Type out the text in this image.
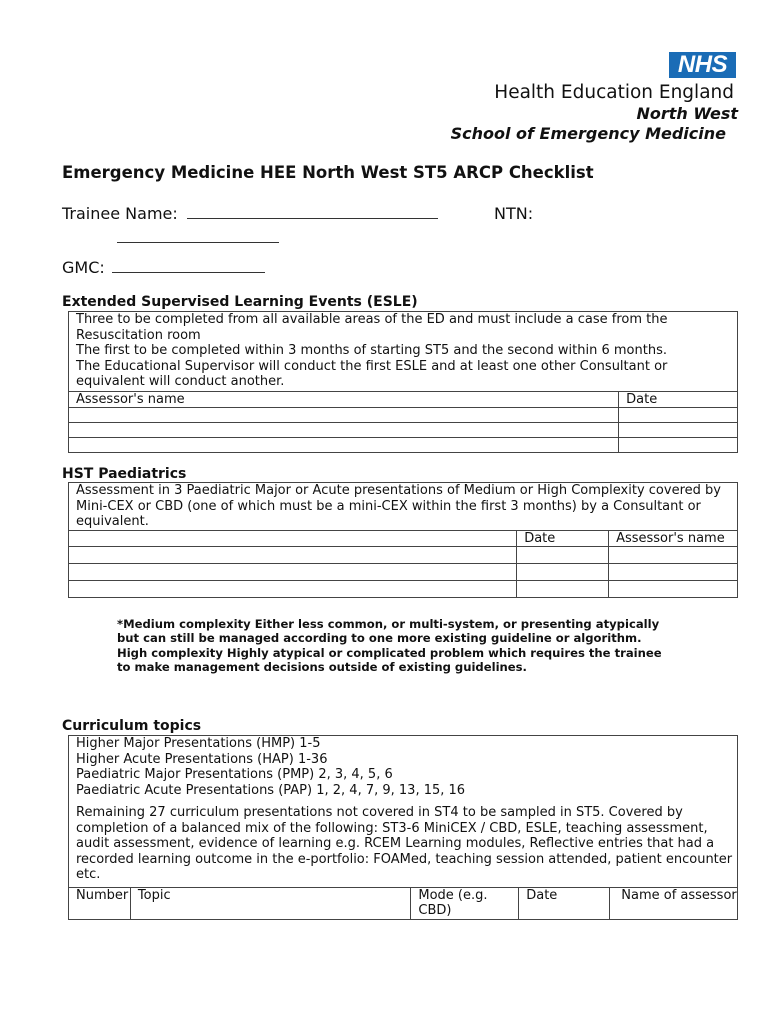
NHS
Health Education England
North West
School of Emergency Medicine
Emergency Medicine HEE North West ST5 ARCP Checklist
Trainee Name:	NTN:
GMC:
Extended Supervised Learning Events (ESLE)
Three to be completed from all available areas of the ED and must include a case from the Resuscitation room
The first to be completed within 3 months of starting ST5 and the second within 6 months.
The Educational Supervisor will conduct the first ESLE and at least one other Consultant or equivalent will conduct another.	

Assessor's name	Date

HST Paediatrics
Assessment in 3 Paediatric Major or Acute presentations of Medium or High Complexity covered by Mini-CEX or CBD (one of which must be a mini-CEX within the first 3 months) by a Consultant or equivalent.		
	Date	Assessor's name

*Medium complexity Either less common, or multi-system, or presenting atypically but can still be managed according to one more existing guideline or algorithm.

High complexity Highly atypical or complicated problem which requires the trainee to make management decisions outside of existing guidelines.

Curriculum topics
Higher Major Presentations (HMP) 1-5
Higher Acute Presentations (HAP) 1-36
Paediatric Major Presentations (PMP) 2, 3, 4, 5, 6
Paediatric Acute Presentations (PAP) 1, 2, 4, 7, 9, 13, 15, 16
Remaining 27 curriculum presentations not covered in ST4 to be sampled in ST5. Covered by completion of a balanced mix of the following: ST3-6 MiniCEX / CBD, ESLE, teaching assessment, audit assessment, evidence of learning e.g. RCEM Learning modules, Reflective entries that had a recorded learning outcome in the e-portfolio: FOAMed, teaching session attended, patient encounter etc.

Number	Topic	Mode (e.g. CBD)	Date	Name of assessor
